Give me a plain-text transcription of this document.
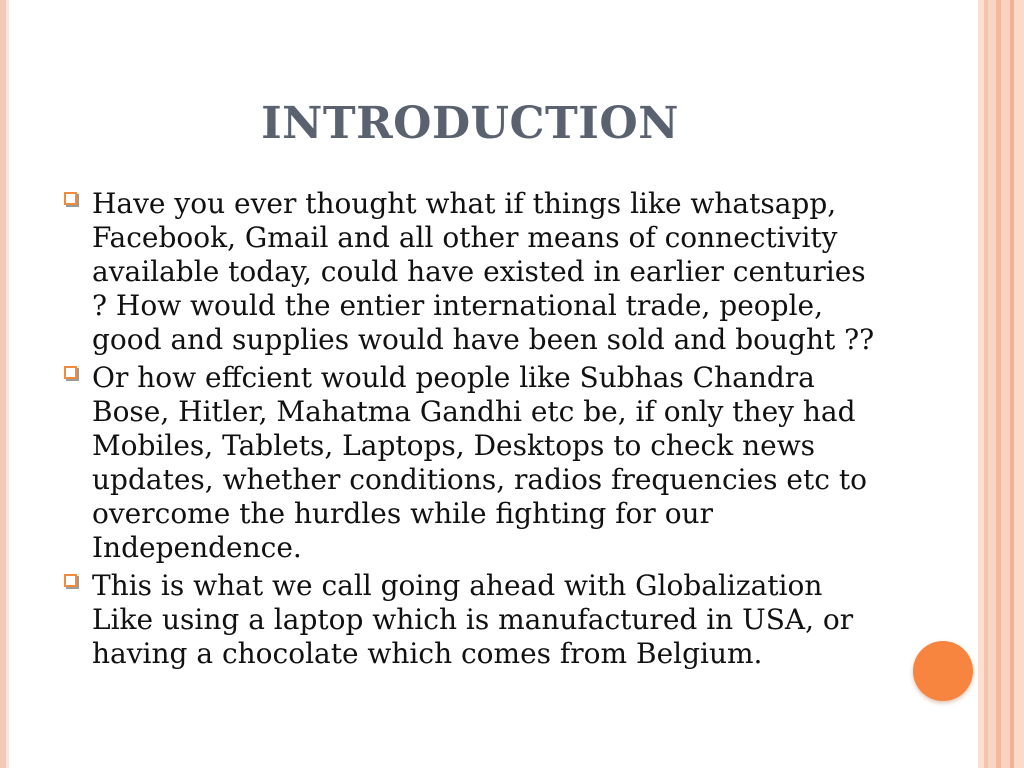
INTRODUCTION
Have you ever thought what if things like whatsapp, Facebook, Gmail and all other means of connectivity available today, could have existed in earlier centuries ? How would the entier international trade, people, good and supplies would have been sold and bought ??
Or how effcient would people like Subhas Chandra Bose, Hitler, Mahatma Gandhi etc be, if only they had Mobiles, Tablets, Laptops, Desktops to check news updates, whether conditions, radios frequencies etc to overcome the hurdles while fighting for our Independence.
This is what we call going ahead with Globalization Like using a laptop which is manufactured in USA, or having a chocolate which comes from Belgium.
